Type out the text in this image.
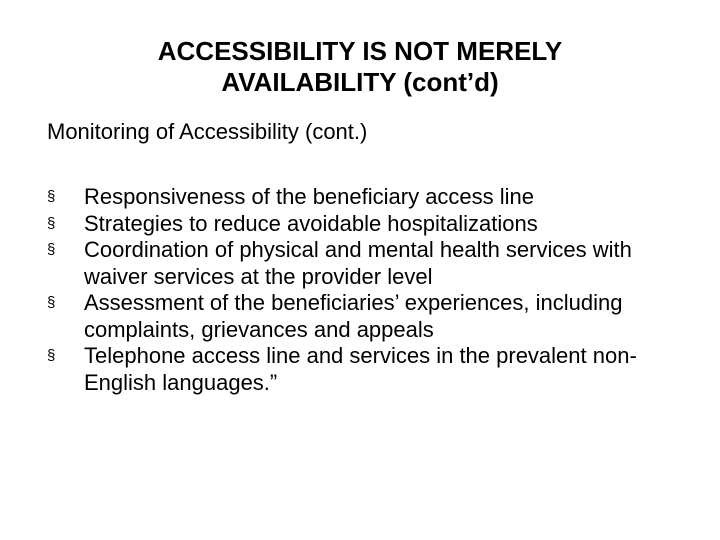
ACCESSIBILITY IS NOT MERELY
AVAILABILITY (cont’d)
Monitoring of Accessibility (cont.)
§ Responsiveness of the beneficiary access line
§ Strategies to reduce avoidable hospitalizations
§ Coordination of physical and mental health services with waiver services at the provider level
§ Assessment of the beneficiaries’ experiences, including complaints, grievances and appeals
§ Telephone access line and services in the prevalent non-English languages.”
